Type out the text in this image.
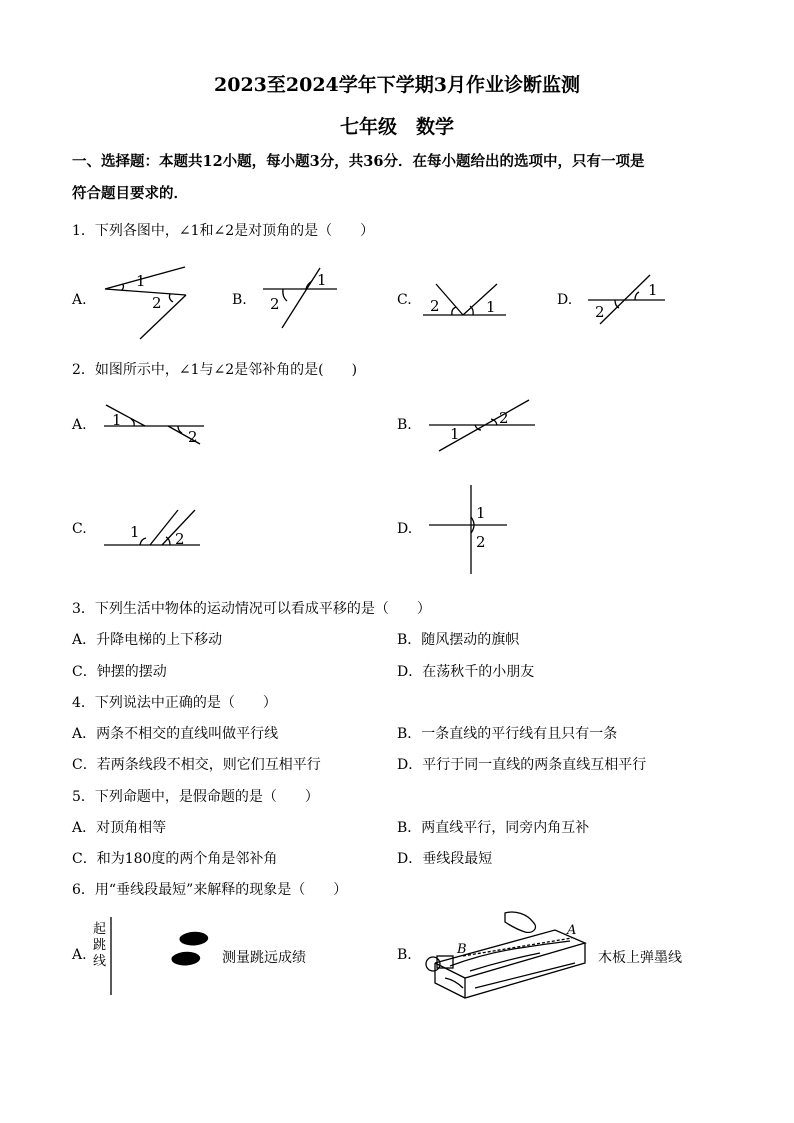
2023至2024学年下学期3月作业诊断监测
七年级　数学
一、选择题：本题共12小题，每小题3分，共36分．在每小题给出的选项中，只有一项是
符合题目要求的．
1．下列各图中，∠1和∠2是对顶角的是（　　）
A.	B.	C.	D.
1
2	2
1
2	1	2
1
2．如图所示中，∠1与∠2是邻补角的是(　　)
A.	B.
C.	D.
1
2	1
2
1 2
1
2
3．下列生活中物体的运动情况可以看成平移的是（　　）
A．升降电梯的上下移动	B．随风摆动的旗帜
C．钟摆的摆动	D．在荡秋千的小朋友
4．下列说法中正确的是（　　）
A．两条不相交的直线叫做平行线	B．一条直线的平行线有且只有一条
C．若两条线段不相交，则它们互相平行	D．平行于同一直线的两条直线互相平行
5．下列命题中，是假命题的是（　　）
A．对顶角相等	B．两直线平行，同旁内角互补
C．和为180度的两个角是邻补角	D．垂线段最短
6．用“垂线段最短”来解释的现象是（　　）
A.	B.
起跳线	测量跳远成绩
B
A
木板上弹墨线
